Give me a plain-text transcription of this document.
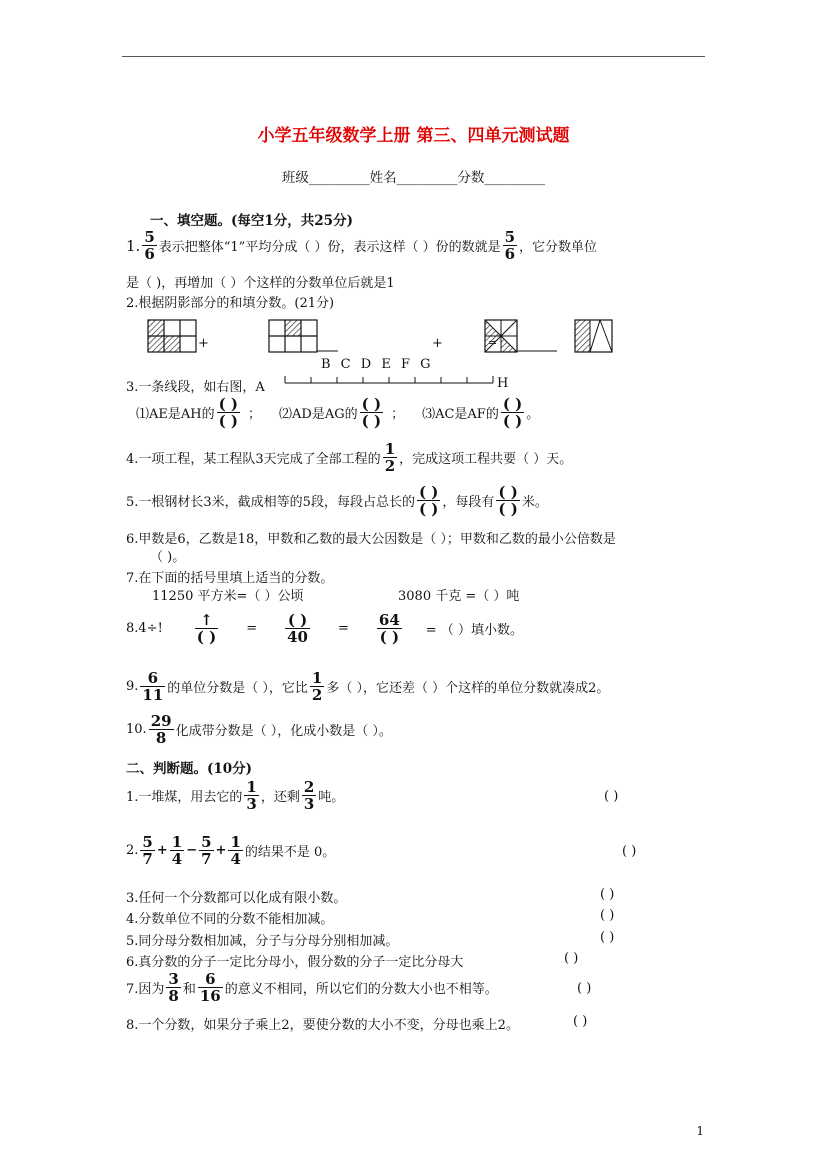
小学五年级数学上册 第三、四单元测试题
班级_________姓名_________分数_________
一、填空题。(每空1分，共25分)
1. 5
6 表示把整体“1”平均分成（ ）份，表示这样（ ）份的数就是
5
6 ，它分数单位
是（ )，再增加（ ）个这样的分数单位后就是1
2.根据阴影部分的和填分数。(21分)
+	+	=
B C D E F G
3.一条线段，如右图，A	H
⑴AE是AH的
( )
( ) ； ⑵AD是AG的
( )
( ) ； ⑶AC是AF的
( )
( ) 。
4.一项工程，某工程队3天完成了全部工程的
1
2 ，完成这项工程共要（ ）天。
5.一根钢材长3米，截成相等的5段，每段占总长的
( )
( ) ，每段有
( )
( ) 米。
6.甲数是6，乙数是18，甲数和乙数的最大公因数是（ ）；甲数和乙数的最小公倍数是
（ )。
7.在下面的括号里填上适当的分数。
11250 平方米=（ ）公顷	3080 千克 =（ ）吨
8.4÷!	↑
( ) = ( )
40 = 64
( ) = （ ）填小数。
9. 6
11 的单位分数是（ ），它比
1
2 多（ ），它还差（ ）个这样的单位分数就凑成2。
10. 29
8 化成带分数是（ ），化成小数是（ ）。
二、判断题。(10分)
1.一堆煤，用去它的
1
3 ，还剩
2
3 吨。	( )
2. 5
$7 + \frac{1}{4} - \frac{5}{7} + \frac{1}{4}$ 的结果不是 0。	( )
3.任何一个分数都可以化成有限小数。	( )
4.分数单位不同的分数不能相加减。	( )
5.同分母分数相加减，分子与分母分别相加减。	( )
6.真分数的分子一定比分母小，假分数的分子一定比分母大	( )
7.因为
3
8 和
6
16 的意义不相同，所以它们的分数大小也不相等。	( )
8.一个分数，如果分子乘上2，要使分数的大小不变，分母也乘上2。	( )
1
